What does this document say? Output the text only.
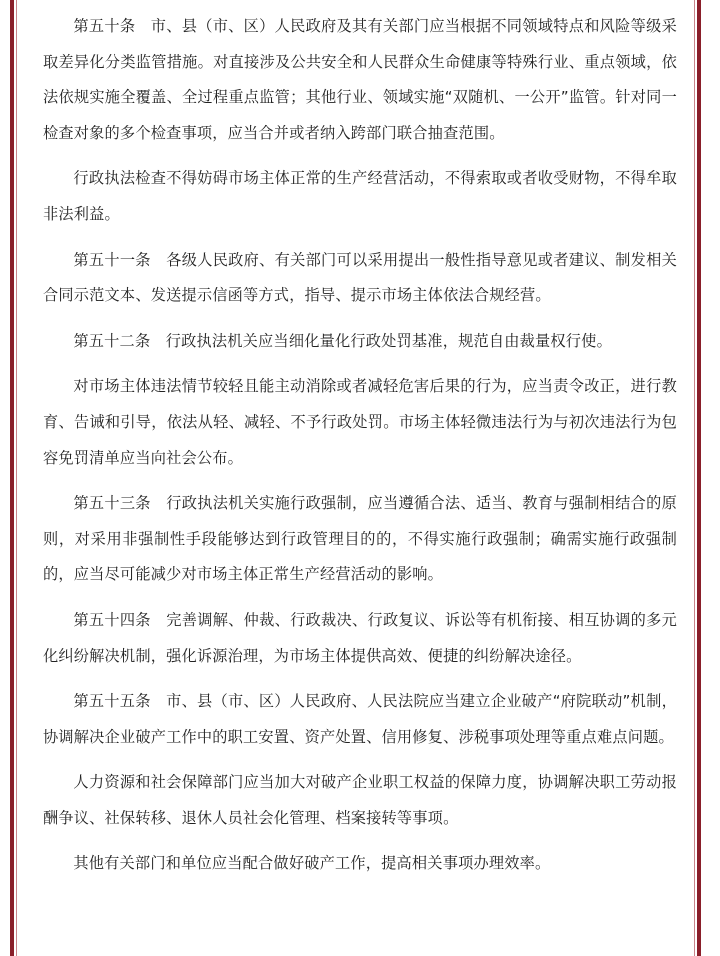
第五十条　市、县（市、区）人民政府及其有关部门应当根据不同领域特点和风险等级采取差异化分类监管措施。对直接涉及公共安全和人民群众生命健康等特殊行业、重点领域，依法依规实施全覆盖、全过程重点监管；其他行业、领域实施“双随机、一公开”监管。针对同一检查对象的多个检查事项，应当合并或者纳入跨部门联合抽查范围。

行政执法检查不得妨碍市场主体正常的生产经营活动，不得索取或者收受财物，不得牟取非法利益。

第五十一条　各级人民政府、有关部门可以采用提出一般性指导意见或者建议、制发相关合同示范文本、发送提示信函等方式，指导、提示市场主体依法合规经营。

第五十二条　行政执法机关应当细化量化行政处罚基准，规范自由裁量权行使。

对市场主体违法情节较轻且能主动消除或者减轻危害后果的行为，应当责令改正，进行教育、告诫和引导，依法从轻、减轻、不予行政处罚。市场主体轻微违法行为与初次违法行为包容免罚清单应当向社会公布。

第五十三条　行政执法机关实施行政强制，应当遵循合法、适当、教育与强制相结合的原则，对采用非强制性手段能够达到行政管理目的的，不得实施行政强制；确需实施行政强制的，应当尽可能减少对市场主体正常生产经营活动的影响。

第五十四条　完善调解、仲裁、行政裁决、行政复议、诉讼等有机衔接、相互协调的多元化纠纷解决机制，强化诉源治理，为市场主体提供高效、便捷的纠纷解决途径。

第五十五条　市、县（市、区）人民政府、人民法院应当建立企业破产“府院联动”机制，协调解决企业破产工作中的职工安置、资产处置、信用修复、涉税事项处理等重点难点问题。

人力资源和社会保障部门应当加大对破产企业职工权益的保障力度，协调解决职工劳动报酬争议、社保转移、退休人员社会化管理、档案接转等事项。

其他有关部门和单位应当配合做好破产工作，提高相关事项办理效率。
